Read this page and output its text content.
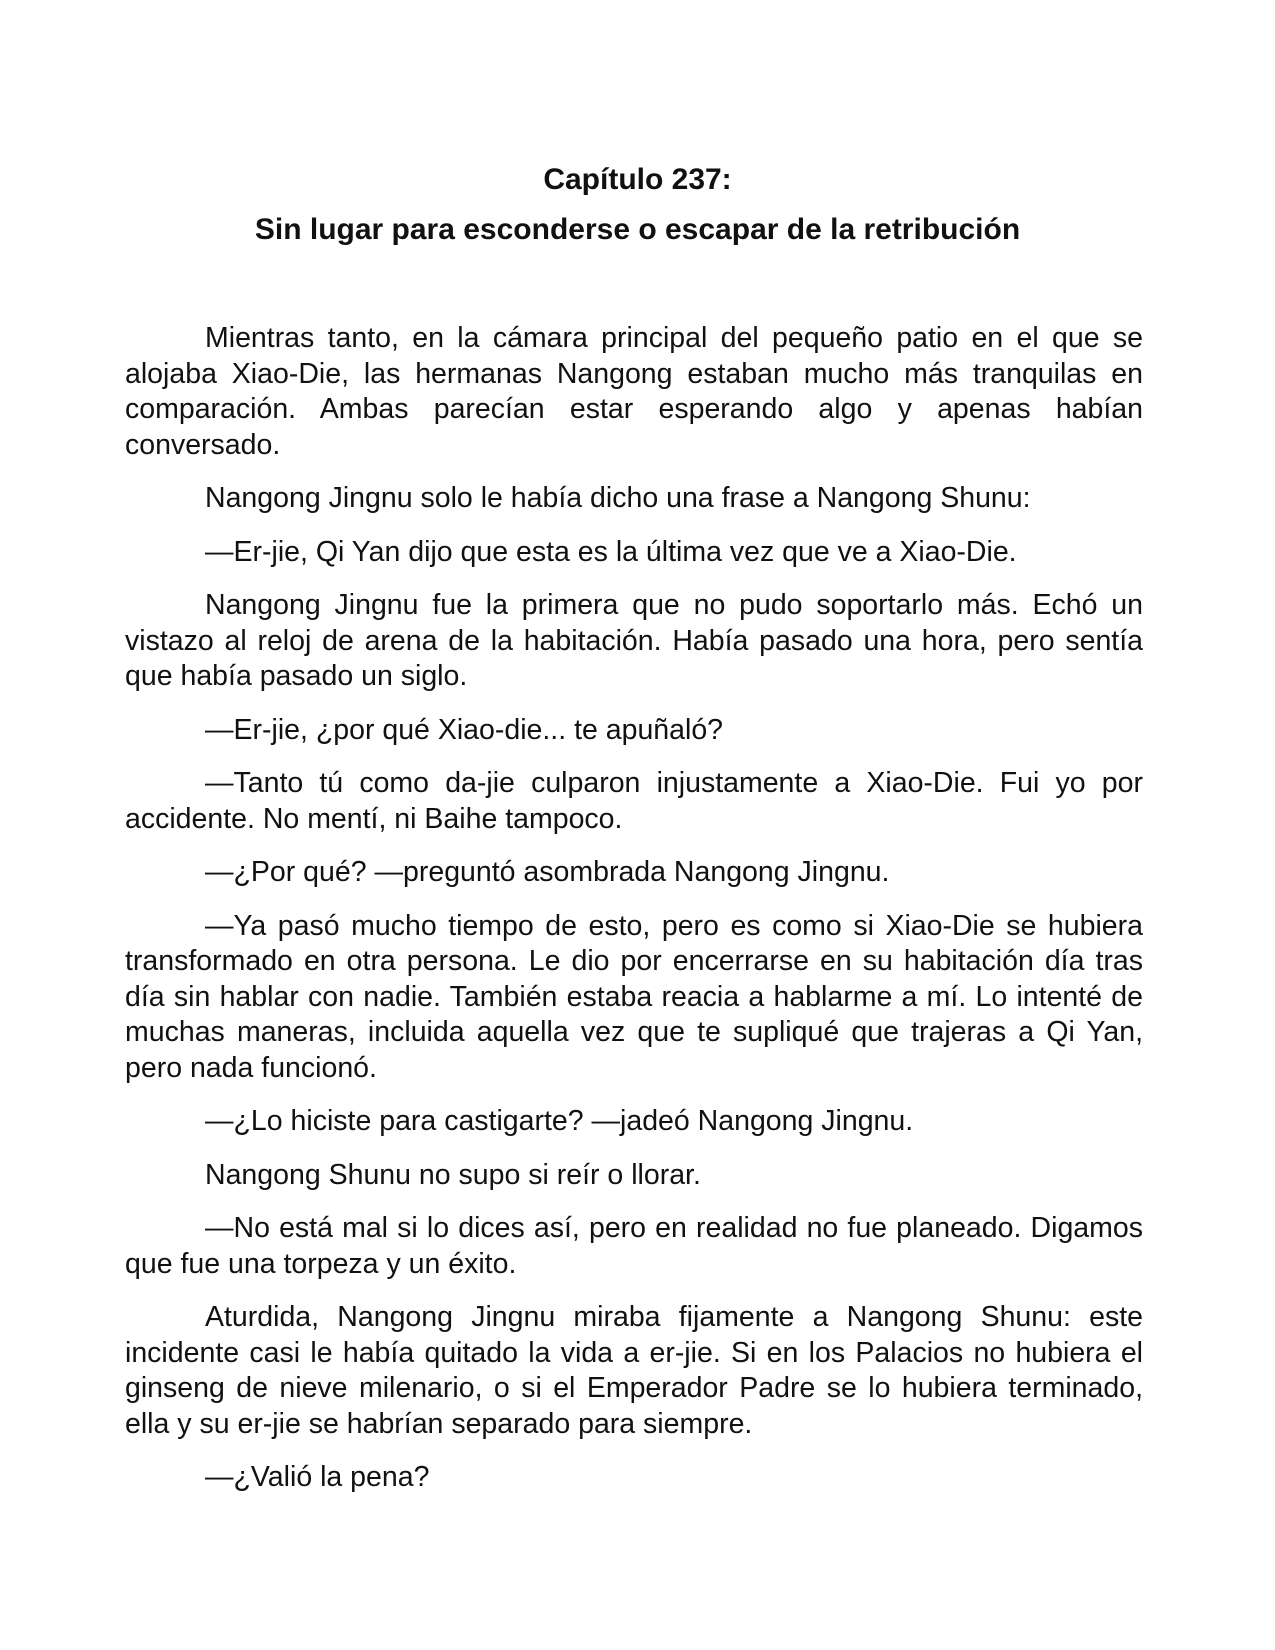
Capítulo 237:
Sin lugar para esconderse o escapar de la retribución

Mientras tanto, en la cámara principal del pequeño patio en el que se alojaba Xiao-Die, las hermanas Nangong estaban mucho más tranquilas en comparación. Ambas parecían estar esperando algo y apenas habían conversado.

Nangong Jingnu solo le había dicho una frase a Nangong Shunu:

—Er-jie, Qi Yan dijo que esta es la última vez que ve a Xiao-Die.

Nangong Jingnu fue la primera que no pudo soportarlo más. Echó un vistazo al reloj de arena de la habitación. Había pasado una hora, pero sentía que había pasado un siglo.

—Er-jie, ¿por qué Xiao-die... te apuñaló?

—Tanto tú como da-jie culparon injustamente a Xiao-Die. Fui yo por accidente. No mentí, ni Baihe tampoco.

—¿Por qué? —preguntó asombrada Nangong Jingnu.

—Ya pasó mucho tiempo de esto, pero es como si Xiao-Die se hubiera transformado en otra persona. Le dio por encerrarse en su habitación día tras día sin hablar con nadie. También estaba reacia a hablarme a mí. Lo intenté de muchas maneras, incluida aquella vez que te supliqué que trajeras a Qi Yan, pero nada funcionó.

—¿Lo hiciste para castigarte? —jadeó Nangong Jingnu.

Nangong Shunu no supo si reír o llorar.

—No está mal si lo dices así, pero en realidad no fue planeado. Digamos que fue una torpeza y un éxito.

Aturdida, Nangong Jingnu miraba fijamente a Nangong Shunu: este incidente casi le había quitado la vida a er-jie. Si en los Palacios no hubiera el ginseng de nieve milenario, o si el Emperador Padre se lo hubiera terminado, ella y su er-jie se habrían separado para siempre.

—¿Valió la pena?
